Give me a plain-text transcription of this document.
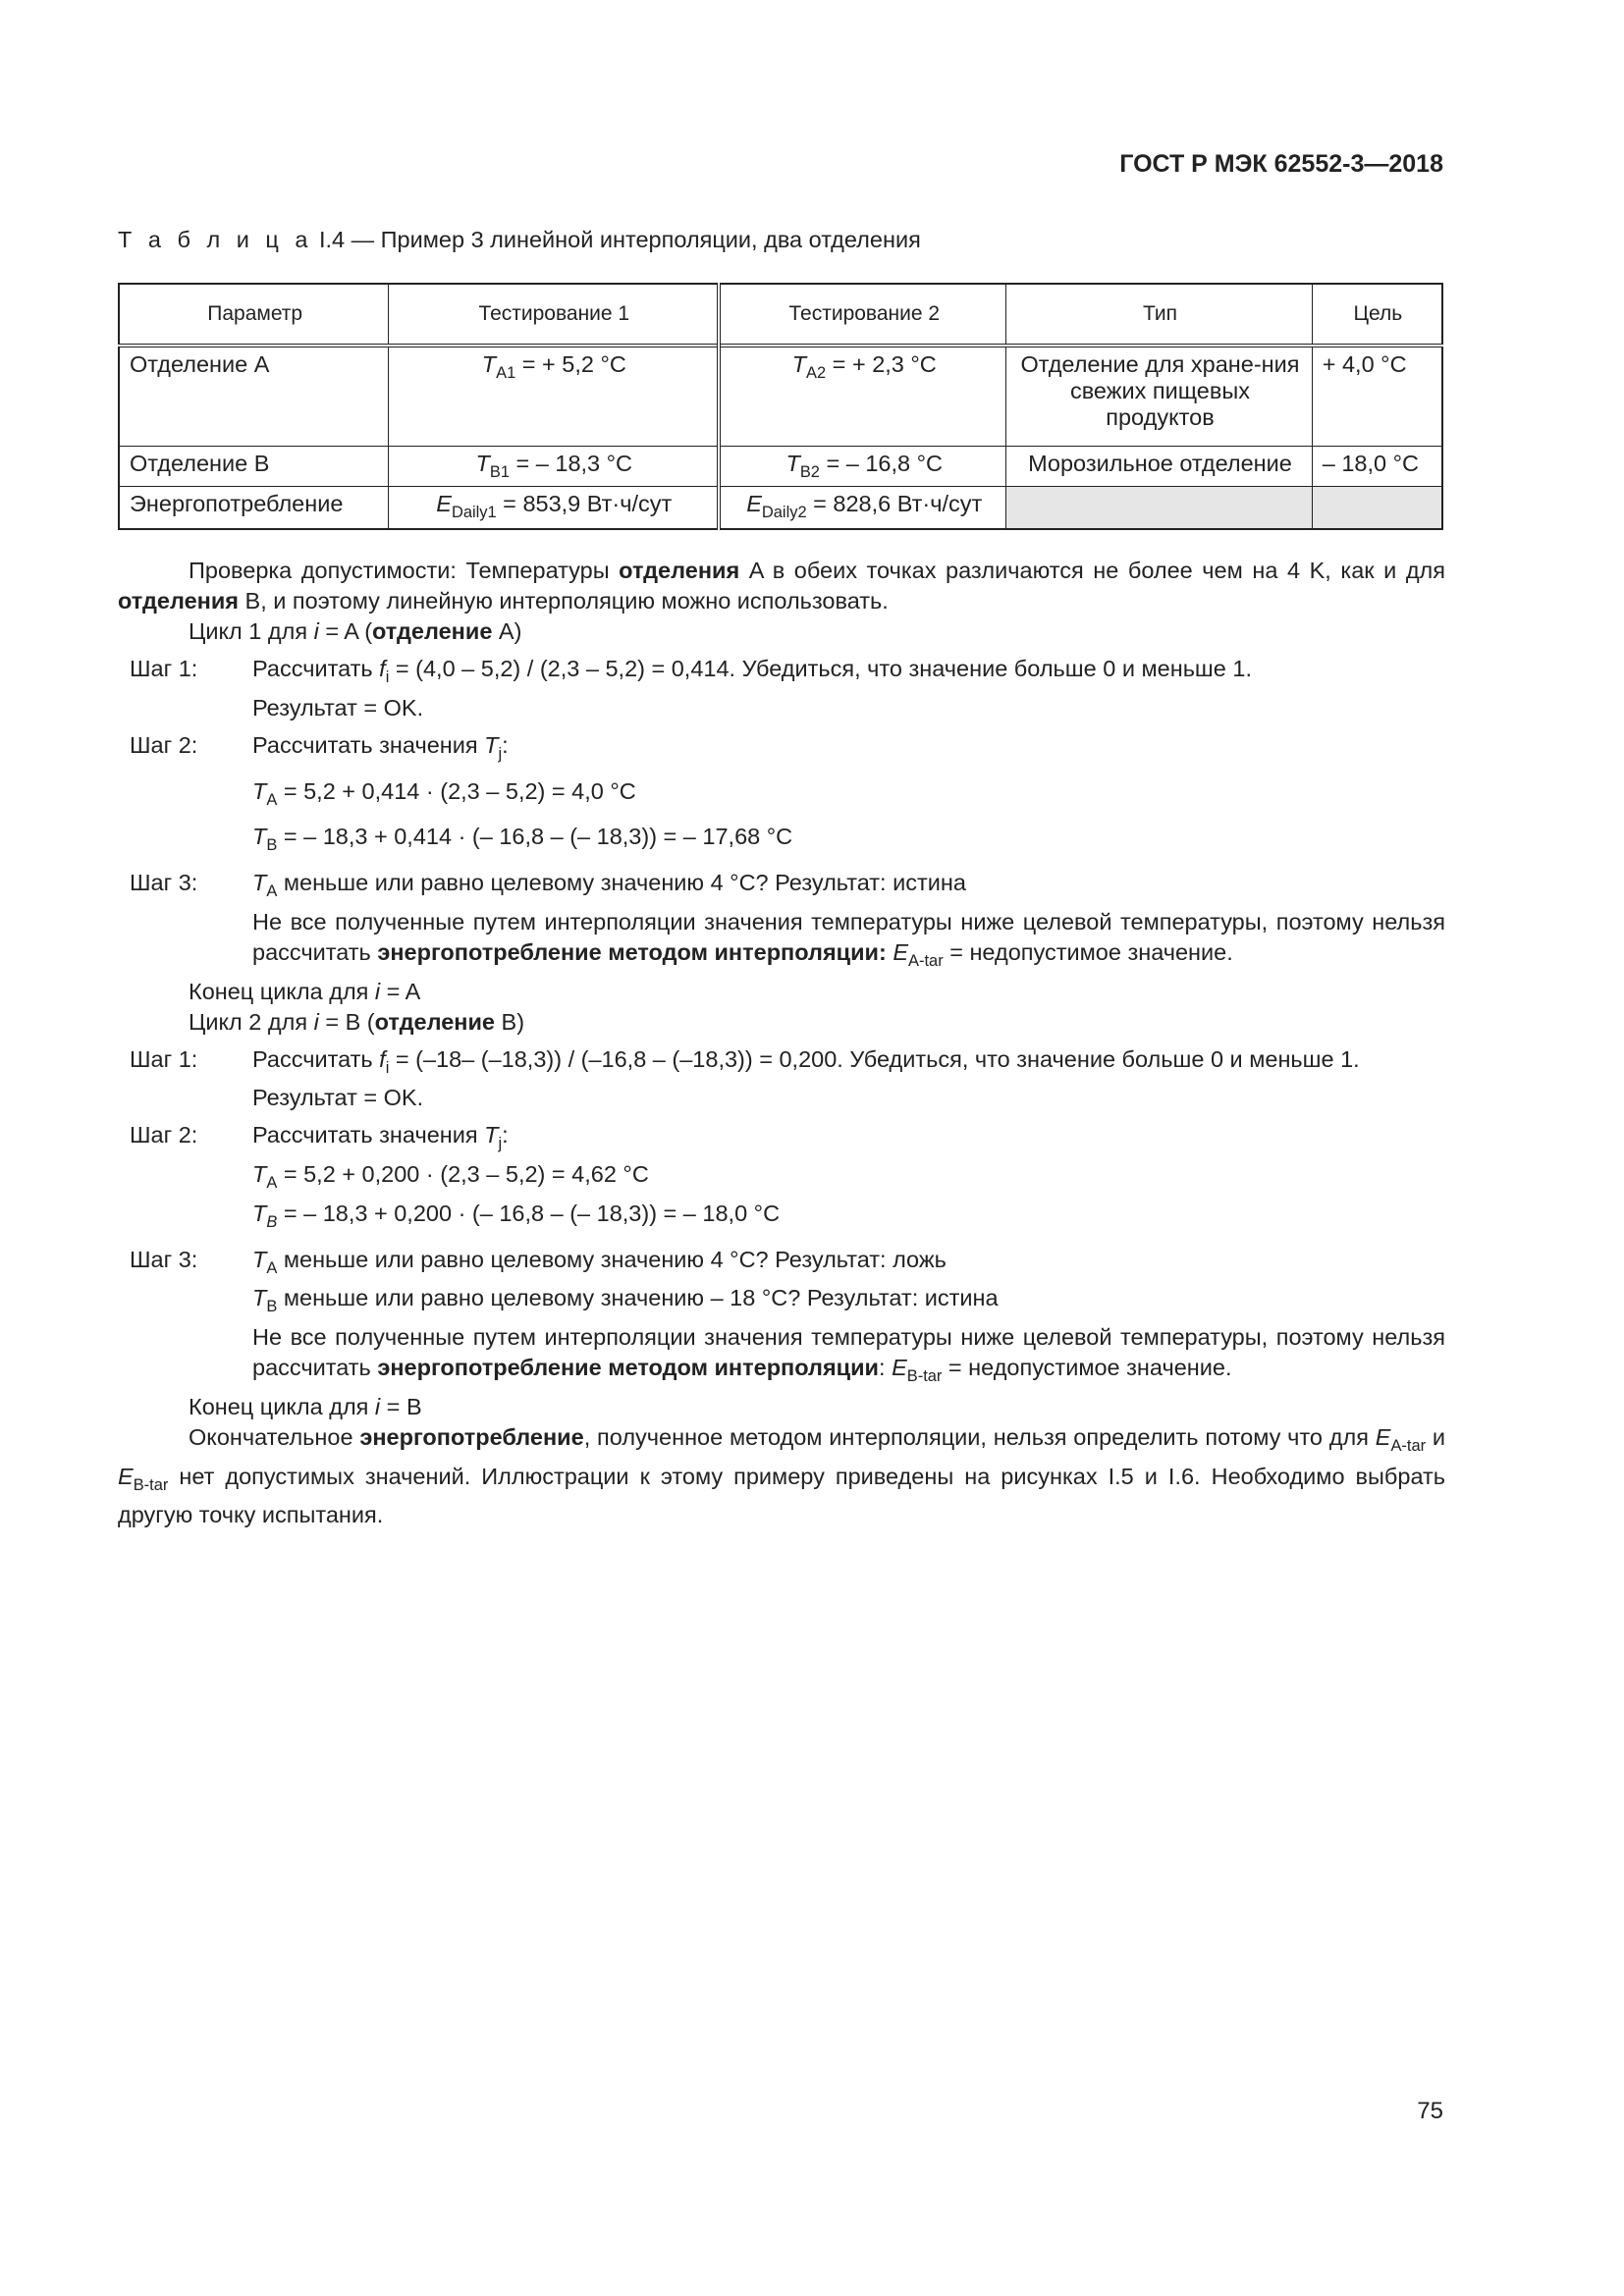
ГОСТ Р МЭК 62552-3—2018
Т а б л и ц а I.4 — Пример 3 линейной интерполяции, два отделения
Параметр	Тестирование 1	Тестирование 2	Тип	Цель
Отделение A	$T_{A1}$ = + 5,2 °C	$T_{A2}$ = + 2,3 °C	Отделение для хране-ния свежих пищевых продуктов	+ 4,0 °C
Отделение B	$T_{B1}$ = – 18,3 °C	$T_{B2}$ = – 16,8 °C	Морозильное отделение	– 18,0 °C
Энергопотребление	$E_{Daily1} = 853,9$ Вт·ч/сут	$E_{Daily2} = 828,6$ Вт·ч/сут		

Проверка допустимости: Температуры отделения A в обеих точках различаются не более чем на 4 K, как и для отделения B, и поэтому линейную интерполяцию можно использовать.

Цикл 1 для i = A (отделение A)

Шаг 1:	Рассчитать $f_i = (4,0 - 5,2) / (2,3 - 5,2) = 0,414$. Убедиться, что значение больше 0 и меньше 1.
Результат = OK.
Шаг 2:	Рассчитать значения $T_j$:
$T_A = 5,2 + 0,414 \cdot (2,3 - 5,2) = 4,0$ °C
$T_B$ = – 18,3 + 0,414 · (– 16,8 – (– 18,3)) = – 17,68 °C
Шаг 3:	$T_A$ меньше или равно целевому значению 4 °C? Результат: истина
Не все полученные путем интерполяции значения температуры ниже целевой температуры, поэтому нельзя рассчитать энергопотребление методом интерполяции: $E_{A-tar}$ = недопустимое значение.

Конец цикла для i = A

Цикл 2 для i = B (отделение B)

Шаг 1:	Рассчитать $f_i = (-18-$ (–18,3)) / (–16,8 – (–18,3)) = 0,200. Убедиться, что значение больше 0 и меньше 1.
Результат = OK.
Шаг 2:	Рассчитать значения $T_j$:
$T_A = 5,2 + 0,200 \cdot (2,3 - 5,2) = 4,62$ °C
$T_B$ = – 18,3 + 0,200 · (– 16,8 – (– 18,3)) = – 18,0 °C
Шаг 3:	$T_A$ меньше или равно целевому значению 4 °C? Результат: ложь
$T_B$ меньше или равно целевому значению – 18 °C? Результат: истина
Не все полученные путем интерполяции значения температуры ниже целевой температуры, поэтому нельзя рассчитать энергопотребление методом интерполяции: $E_{B-tar}$ = недопустимое значение.

Конец цикла для i = B

Окончательное энергопотребление, полученное методом интерполяции, нельзя определить потому что для $E_{A-tar}$ и $E_{B-tar}$ нет допустимых значений. Иллюстрации к этому примеру приведены на рисунках I.5 и I.6. Необходимо выбрать другую точку испытания.

75
